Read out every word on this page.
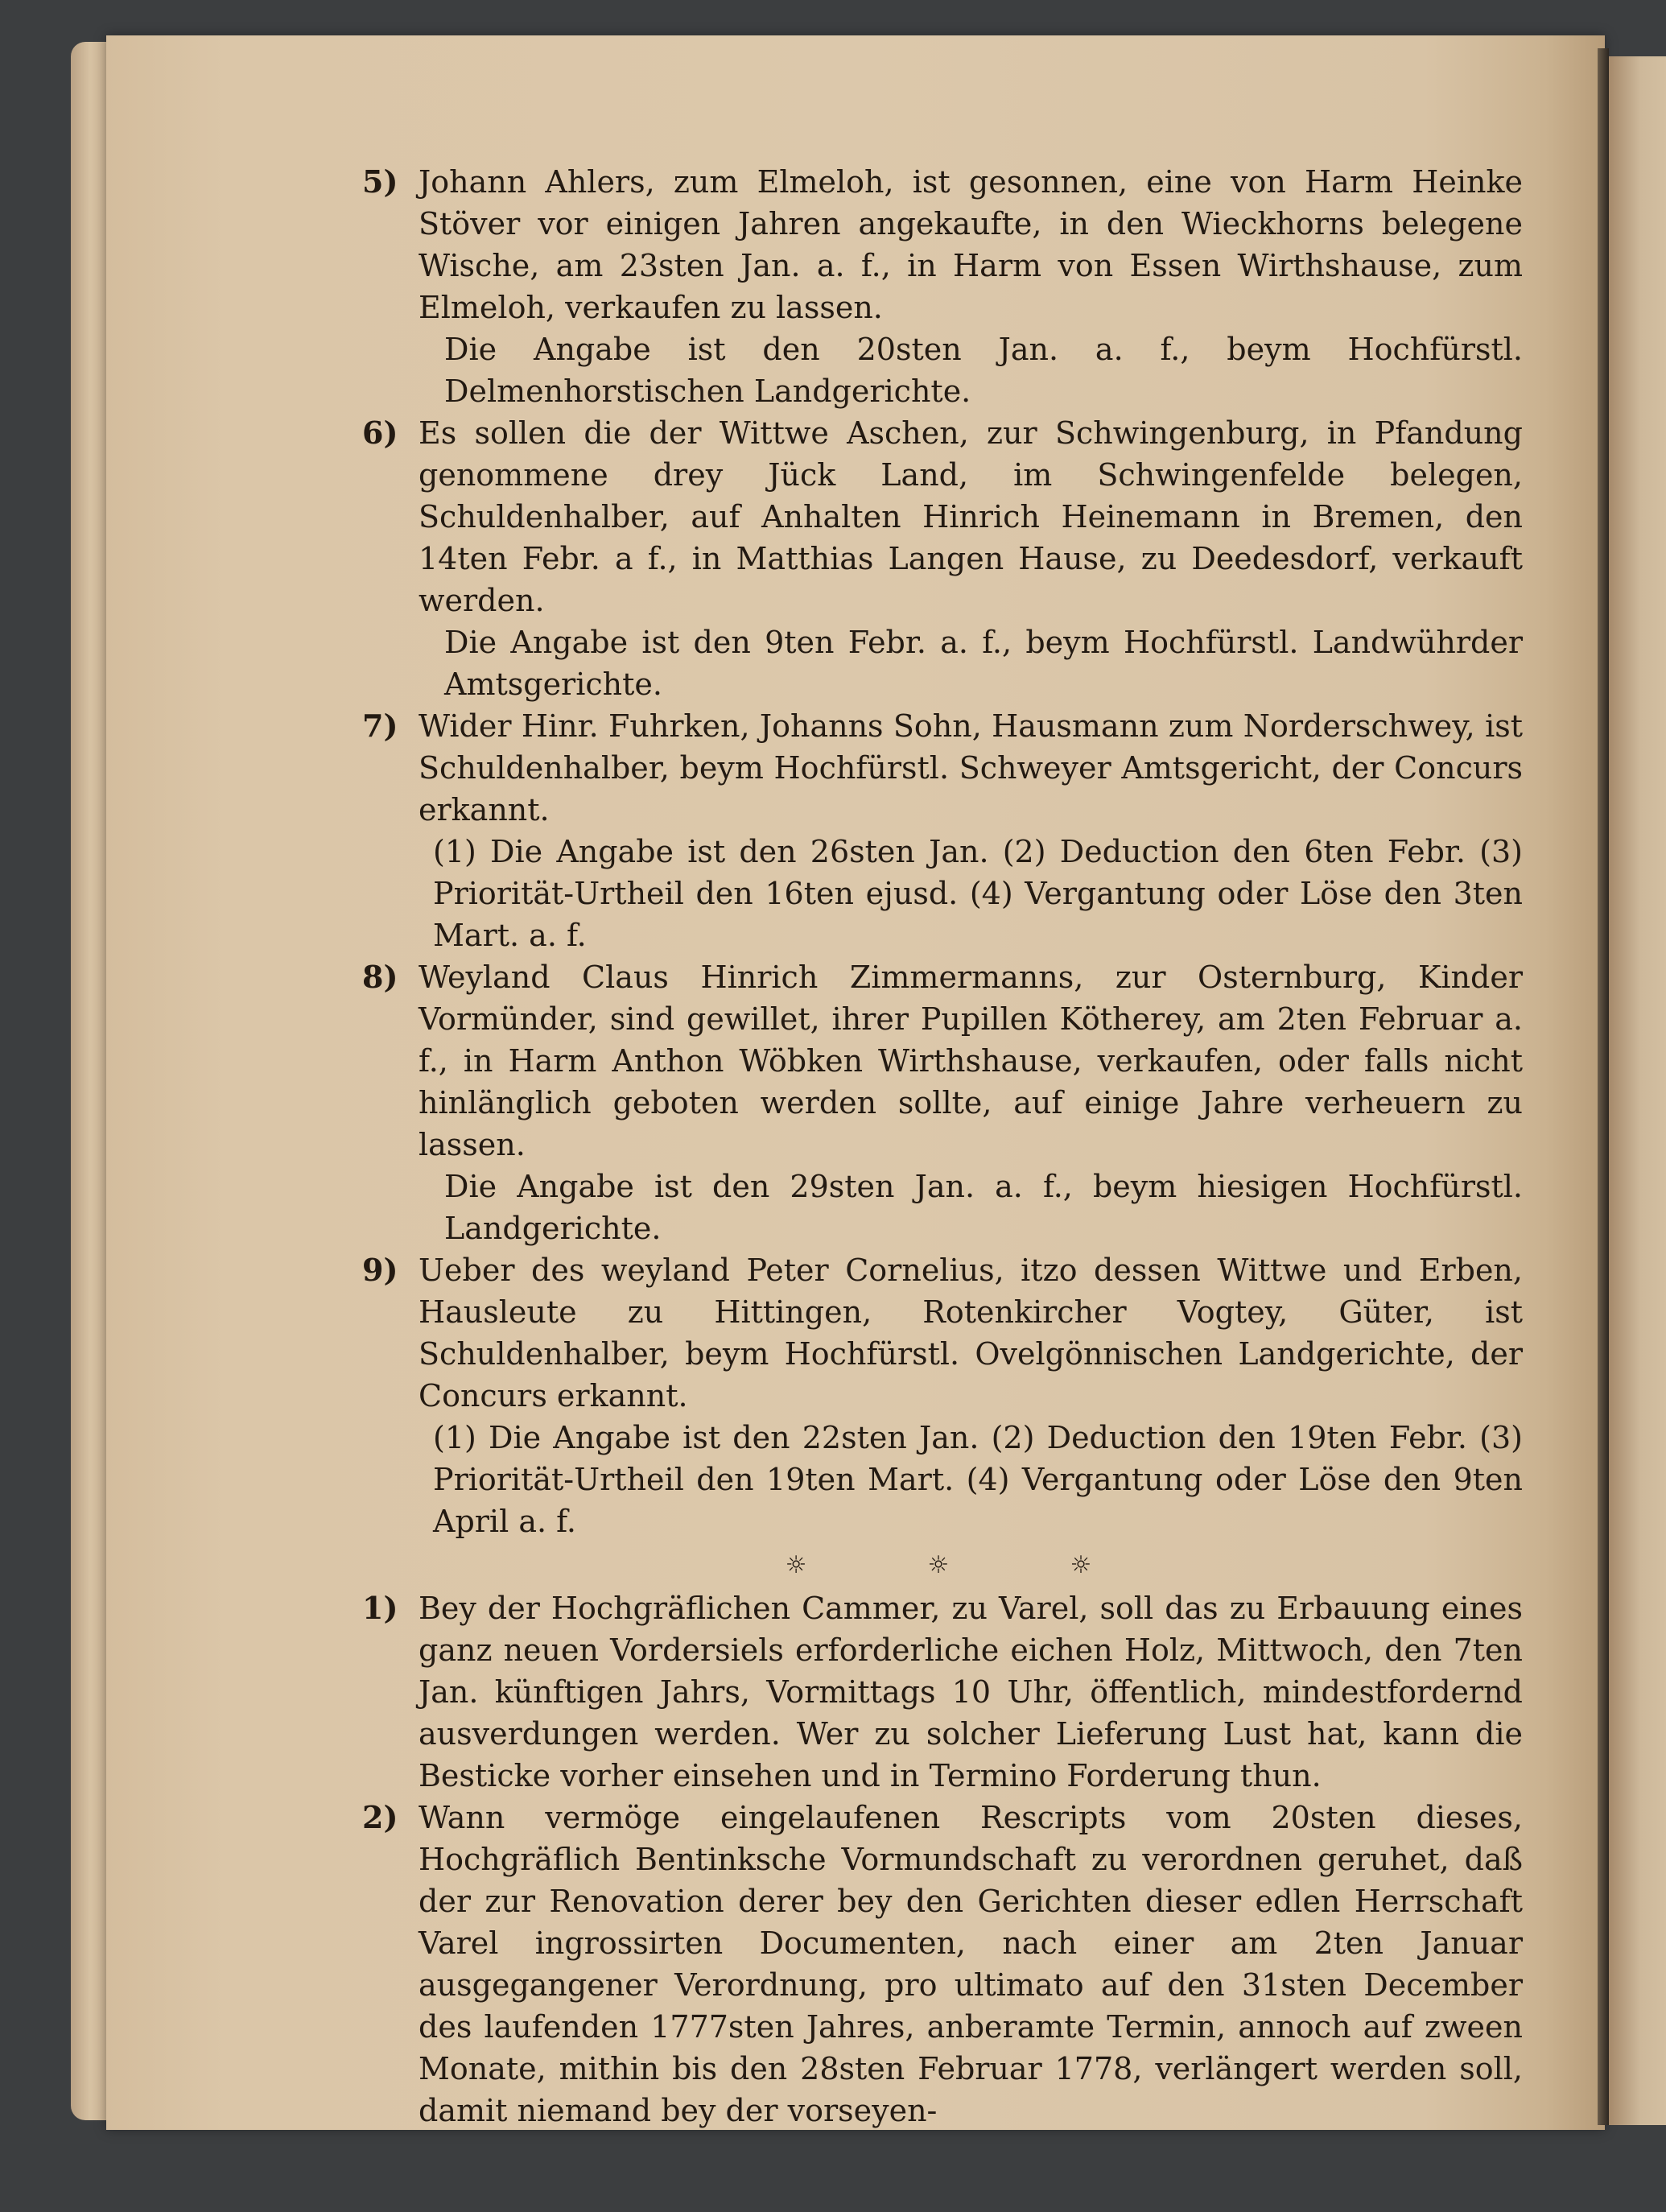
5) Johann Ahlers, zum Elmeloh, ist gesonnen, eine von Harm Heinke Stöver vor einigen Jahren angekaufte, in den Wieckhorns belegene Wische, am 23sten Jan. a. f., in Harm von Essen Wirthshause, zum Elmeloh, verkaufen zu lassen.
Die Angabe ist den 20sten Jan. a. f., beym Hochfürstl. Delmenhorstischen Landgerichte.
6) Es sollen die der Wittwe Aschen, zur Schwingenburg, in Pfandung genommene drey Jück Land, im Schwingenfelde belegen, Schuldenhalber, auf Anhalten Hinrich Heinemann in Bremen, den 14ten Febr. a f., in Matthias Langen Hause, zu Deedesdorf, verkauft werden.
Die Angabe ist den 9ten Febr. a. f., beym Hochfürstl. Landwührder Amtsgerichte.
7) Wider Hinr. Fuhrken, Johanns Sohn, Hausmann zum Norderschwey, ist Schuldenhalber, beym Hochfürstl. Schweyer Amtsgericht, der Concurs erkannt.
(1) Die Angabe ist den 26sten Jan. (2) Deduction den 6ten Febr. (3) Priorität-Urtheil den 16ten ejusd. (4) Vergantung oder Löse den 3ten Mart. a. f.
8) Weyland Claus Hinrich Zimmermanns, zur Osternburg, Kinder Vormünder, sind gewillet, ihrer Pupillen Kötherey, am 2ten Februar a. f., in Harm Anthon Wöbken Wirthshause, verkaufen, oder falls nicht hinlänglich geboten werden sollte, auf einige Jahre verheuern zu lassen.
Die Angabe ist den 29sten Jan. a. f., beym hiesigen Hochfürstl. Landgerichte.
9) Ueber des weyland Peter Cornelius, itzo dessen Wittwe und Erben, Hausleute zu Hittingen, Rotenkircher Vogtey, Güter, ist Schuldenhalber, beym Hochfürstl. Ovelgönnischen Landgerichte, der Concurs erkannt.
(1) Die Angabe ist den 22sten Jan. (2) Deduction den 19ten Febr. (3) Priorität-Urtheil den 19ten Mart. (4) Vergantung oder Löse den 9ten April a. f.
☼	☼	☼
1) Bey der Hochgräflichen Cammer, zu Varel, soll das zu Erbauung eines ganz neuen Vordersiels erforderliche eichen Holz, Mittwoch, den 7ten Jan. künftigen Jahrs, Vormittags 10 Uhr, öffentlich, mindestfordernd ausverdungen werden. Wer zu solcher Lieferung Lust hat, kann die Besticke vorher einsehen und in Termino Forderung thun.
2) Wann vermöge eingelaufenen Rescripts vom 20sten dieses, Hochgräflich Bentinksche Vormundschaft zu verordnen geruhet, daß der zur Renovation derer bey den Gerichten dieser edlen Herrschaft Varel ingrossirten Documenten, nach einer am 2ten Januar ausgegangener Verordnung, pro ultimato auf den 31sten December des laufenden 1777sten Jahres, anberamte Termin, annoch auf zween Monate, mithin bis den 28sten Februar 1778, verlängert werden soll, damit niemand bey der vorseyen-
